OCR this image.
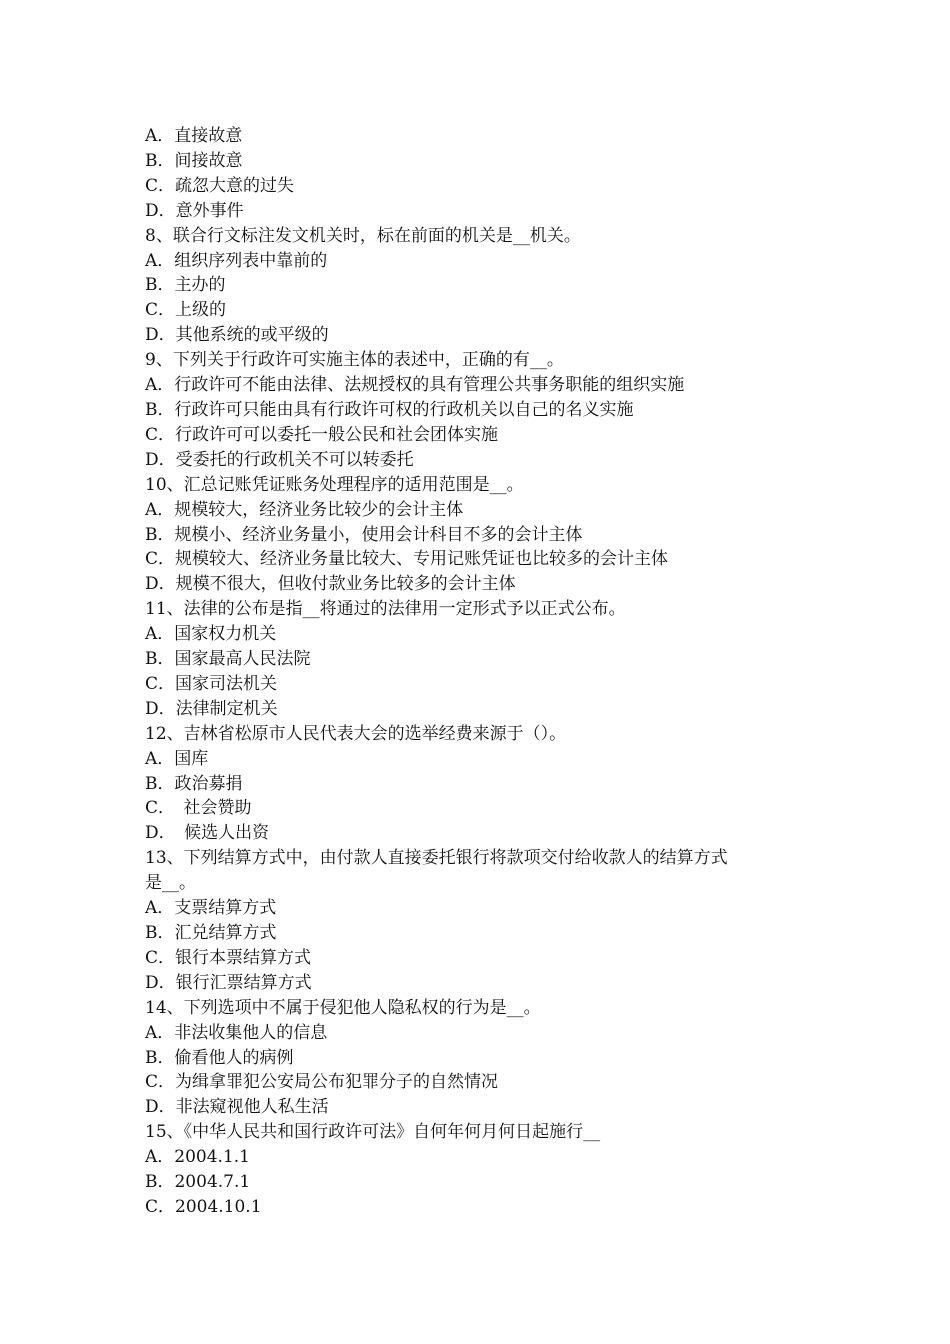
A．直接故意

B．间接故意

C．疏忽大意的过失

D．意外事件

8、联合行文标注发文机关时，标在前面的机关是__机关。

A．组织序列表中靠前的

B．主办的

C．上级的

D．其他系统的或平级的

9、下列关于行政许可实施主体的表述中，正确的有__。

A．行政许可不能由法律、法规授权的具有管理公共事务职能的组织实施

B．行政许可只能由具有行政许可权的行政机关以自己的名义实施

C．行政许可可以委托一般公民和社会团体实施

D．受委托的行政机关不可以转委托

10、汇总记账凭证账务处理程序的适用范围是__。

A．规模较大，经济业务比较少的会计主体

B．规模小、经济业务量小，使用会计科目不多的会计主体

C．规模较大、经济业务量比较大、专用记账凭证也比较多的会计主体

D．规模不很大，但收付款业务比较多的会计主体

11、法律的公布是指__将通过的法律用一定形式予以正式公布。

A．国家权力机关

B．国家最高人民法院

C．国家司法机关

D．法律制定机关

12、吉林省松原市人民代表大会的选举经费来源于（）。

A．国库

B．政治募捐

C．　社会赞助

D．　候选人出资

13、下列结算方式中，由付款人直接委托银行将款项交付给收款人的结算方式

是__。

A．支票结算方式

B．汇兑结算方式

C．银行本票结算方式

D．银行汇票结算方式

14、下列选项中不属于侵犯他人隐私权的行为是__。

A．非法收集他人的信息

B．偷看他人的病例

C．为缉拿罪犯公安局公布犯罪分子的自然情况

D．非法窥视他人私生活

15、《中华人民共和国行政许可法》自何年何月何日起施行__

A．2004.1.1

B．2004.7.1

C．2004.10.1
